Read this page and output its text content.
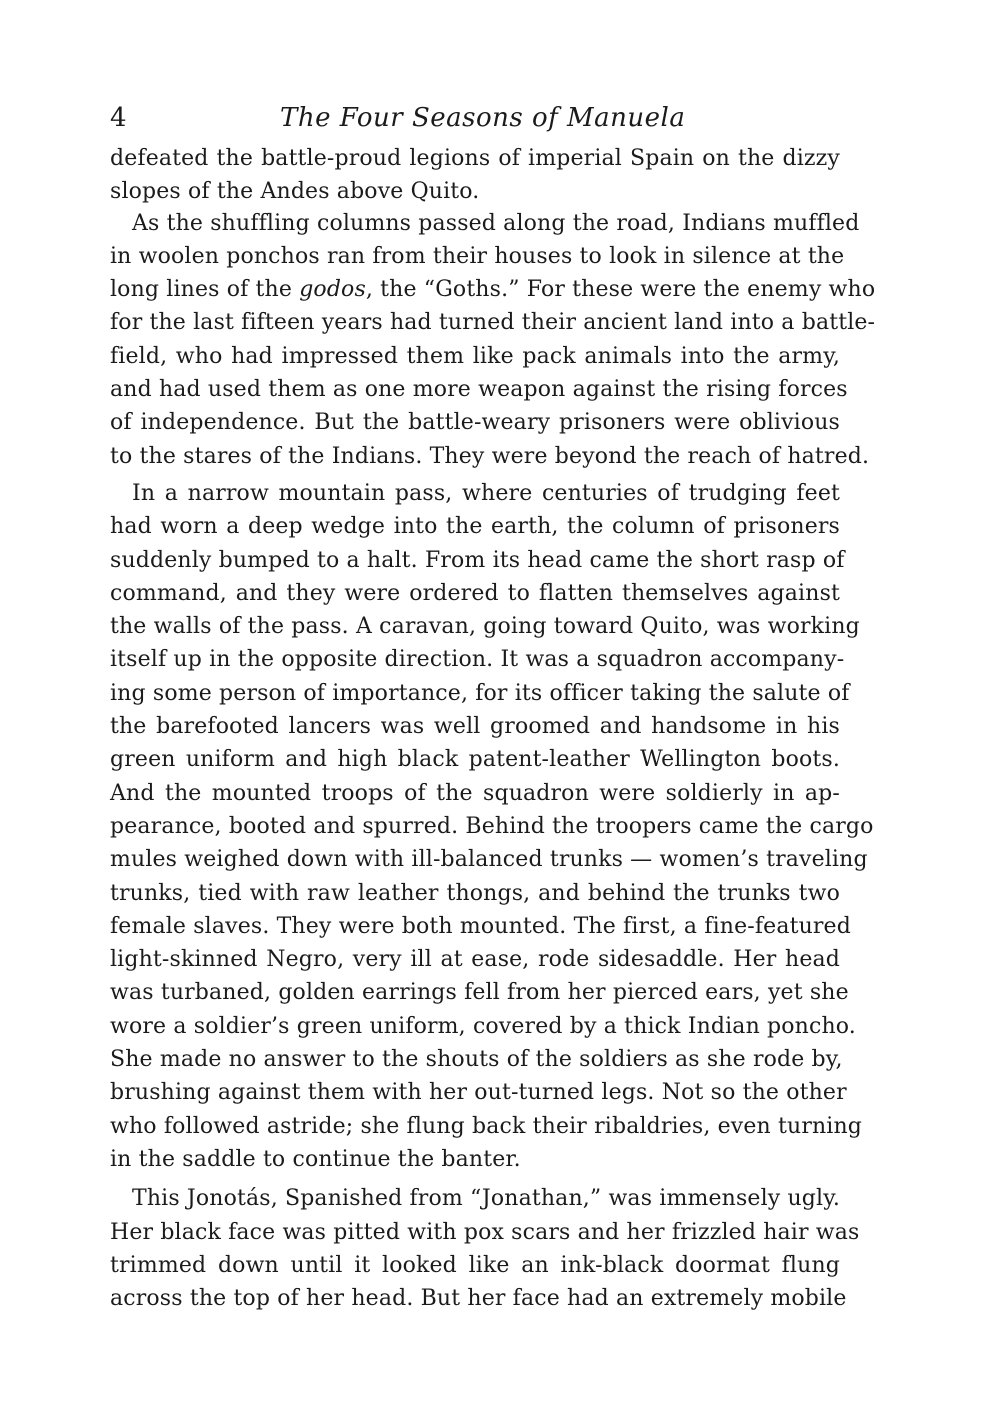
4	The Four Seasons of Manuela
defeated the battle-proud legions of imperial Spain on the dizzy
slopes of the Andes above Quito.
As the shuffling columns passed along the road, Indians muffled
in woolen ponchos ran from their houses to look in silence at the
long lines of the godos, the “Goths.” For these were the enemy who
for the last fifteen years had turned their ancient land into a battle-
field, who had impressed them like pack animals into the army,
and had used them as one more weapon against the rising forces
of independence. But the battle-weary prisoners were oblivious
to the stares of the Indians. They were beyond the reach of hatred.
In a narrow mountain pass, where centuries of trudging feet
had worn a deep wedge into the earth, the column of prisoners
suddenly bumped to a halt. From its head came the short rasp of
command, and they were ordered to flatten themselves against
the walls of the pass. A caravan, going toward Quito, was working
itself up in the opposite direction. It was a squadron accompany-
ing some person of importance, for its officer taking the salute of
the barefooted lancers was well groomed and handsome in his
green uniform and high black patent-leather Wellington boots.
And the mounted troops of the squadron were soldierly in ap-
pearance, booted and spurred. Behind the troopers came the cargo
mules weighed down with ill-balanced trunks — women’s traveling
trunks, tied with raw leather thongs, and behind the trunks two
female slaves. They were both mounted. The first, a fine-featured
light-skinned Negro, very ill at ease, rode sidesaddle. Her head
was turbaned, golden earrings fell from her pierced ears, yet she
wore a soldier’s green uniform, covered by a thick Indian poncho.
She made no answer to the shouts of the soldiers as she rode by,
brushing against them with her out-turned legs. Not so the other
who followed astride; she flung back their ribaldries, even turning
in the saddle to continue the banter.
This Jonotás, Spanished from “Jonathan,” was immensely ugly.
Her black face was pitted with pox scars and her frizzled hair was
trimmed down until it looked like an ink-black doormat flung
across the top of her head. But her face had an extremely mobile
